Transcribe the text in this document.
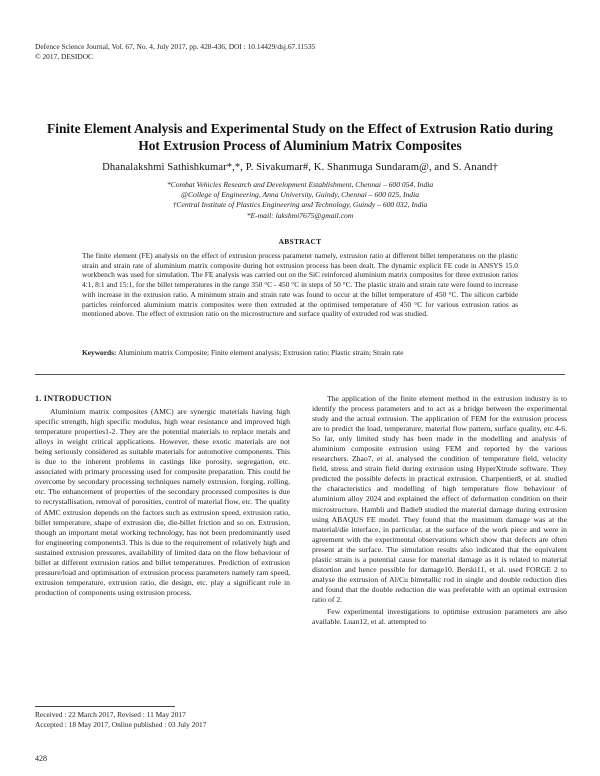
Defence Science Journal, Vol. 67, No. 4, July 2017, pp. 428-436, DOI : 10.14429/dsj.67.11535
© 2017, DESIDOC
Finite Element Analysis and Experimental Study on the Effect of Extrusion Ratio during Hot Extrusion Process of Aluminium Matrix Composites
Dhanalakshmi Sathishkumar*,*, P. Sivakumar#, K. Shanmuga Sundaram@, and S. Anand†
*Combat Vehicles Research and Development Establishment, Chennai – 600 054, India
@College of Engineering, Anna University, Guindy, Chennai – 600 025, India
†Central Institute of Plastics Engineering and Technology, Guindy – 600 032, India
*E-mail: lakshmi7675@gmail.com
ABSTRACT
The finite element (FE) analysis on the effect of extrusion process parameter namely, extrusion ratio at different billet temperatures on the plastic strain and strain rate of aluminium matrix composite during hot extrusion process has been dealt. The dynamic explicit FE code in ANSYS 15.0 workbench was used for simulation. The FE analysis was carried out on the SiC reinforced aluminium matrix composites for three extrusion ratios 4:1, 8:1 and 15:1, for the billet temperatures in the range 350 °C - 450 °C in steps of 50 °C. The plastic strain and strain rate were found to increase with increase in the extrusion ratio. A minimum strain and strain rate was found to occur at the billet temperature of 450 °C. The silicon carbide particles reinforced aluminium matrix composites were then extruded at the optimised temperature of 450 °C for various extrusion ratios as mentioned above. The effect of extrusion ratio on the microstructure and surface quality of extruded rod was studied.
Keywords: Aluminium matrix Composite; Finite element analysis; Extrusion ratio; Plastic strain; Strain rate

1. INTRODUCTION

Aluminium matrix composites (AMC) are synergic materials having high specific strength, high specific modulus, high wear resistance and improved high temperature properties1-2. They are the potential materials to replace metals and alloys in weight critical applications. However, these exotic materials are not being seriously considered as suitable materials for automotive components. This is due to the inherent problems in castings like porosity, segregation, etc. associated with primary processing used for composite preparation. This could be overcome by secondary processing techniques namely extrusion, forging, rolling, etc. The enhancement of properties of the secondary processed composites is due to recrystallisation, removal of porosities, control of material flow, etc. The quality of AMC extrusion depends on the factors such as extrusion speed, extrusion ratio, billet temperature, shape of extrusion die, die-billet friction and so on. Extrusion, though an important metal working technology, has not been predominantly used for engineering components3. This is due to the requirement of relatively high and sustained extrusion pressures, availability of limited data on the flow behaviour of billet at different extrusion ratios and billet temperatures. Prediction of extrusion pressure/load and optimisation of extrusion process parameters namely ram speed, extrusion temperature, extrusion ratio, die design, etc. play a significant role in production of components using extrusion process.

The application of the finite element method in the extrusion industry is to identify the process parameters and to act as a bridge between the experimental study and the actual extrusion. The application of FEM for the extrusion process are to predict the load, temperature, material flow pattern, surface quality, etc.4-6. So far, only limited study has been made in the modelling and analysis of aluminium composite extrusion using FEM and reported by the various researchers. Zhao7, et al. analysed the condition of temperature field, velocity field, stress and strain field during extrusion using HyperXtrude software. They predicted the possible defects in practical extrusion. Charpentier8, et al. studied the characteristics and modelling of high temperature flow behaviour of aluminium alloy 2024 and explained the effect of deformation condition on their microstructure. Hambli and Badie9 studied the material damage during extrusion using ABAQUS FE model. They found that the maximum damage was at the material/die interface, in particular, at the surface of the work piece and were in agreement with the experimental observations which show that defects are often present at the surface. The simulation results also indicated that the equivalent plastic strain is a potential cause for material damage as it is related to material distortion and hence possible for damage10. Berski11, et al. used FORGE 2 to analyse the extrusion of Al/Cu bimetallic rod in single and double reduction dies and found that the double reduction die was preferable with an optimal extrusion ratio of 2.

Few experimental investigations to optimise extrusion parameters are also available. Luan12, et al. attempted to

Received : 22 March 2017, Revised : 11 May 2017
Accepted : 18 May 2017, Online published : 03 July 2017
428
